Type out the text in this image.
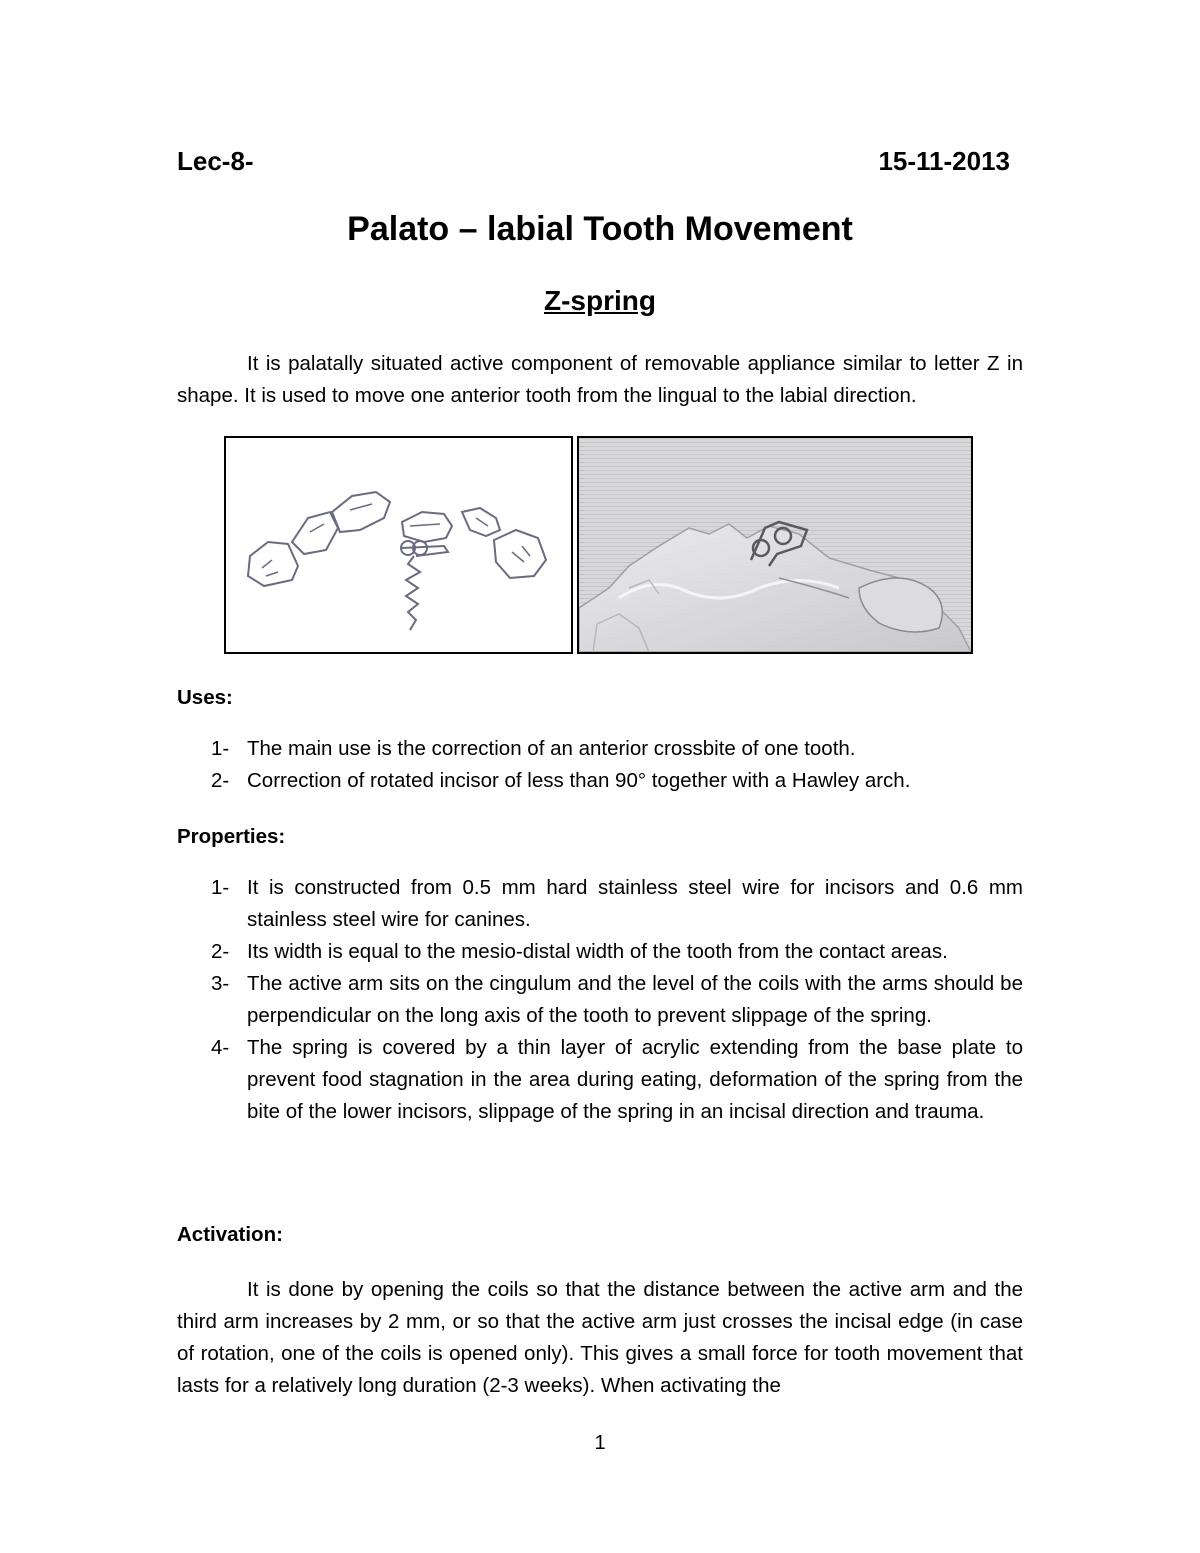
Lec-8-	15-11-2013
Palato – labial Tooth Movement
Z-spring

It is palatally situated active component of removable appliance similar to letter Z in shape. It is used to move one anterior tooth from the lingual to the labial direction.

Uses:
1- The main use is the correction of an anterior crossbite of one tooth.
2- Correction of rotated incisor of less than 90° together with a Hawley arch.
Properties:
1- It is constructed from 0.5 mm hard stainless steel wire for incisors and 0.6 mm stainless steel wire for canines.
2- Its width is equal to the mesio-distal width of the tooth from the contact areas.
3- The active arm sits on the cingulum and the level of the coils with the arms should be perpendicular on the long axis of the tooth to prevent slippage of the spring.
4- The spring is covered by a thin layer of acrylic extending from the base plate to prevent food stagnation in the area during eating, deformation of the spring from the bite of the lower incisors, slippage of the spring in an incisal direction and trauma.
Activation:

It is done by opening the coils so that the distance between the active arm and the third arm increases by 2 mm, or so that the active arm just crosses the incisal edge (in case of rotation, one of the coils is opened only). This gives a small force for tooth movement that lasts for a relatively long duration (2-3 weeks). When activating the

1
